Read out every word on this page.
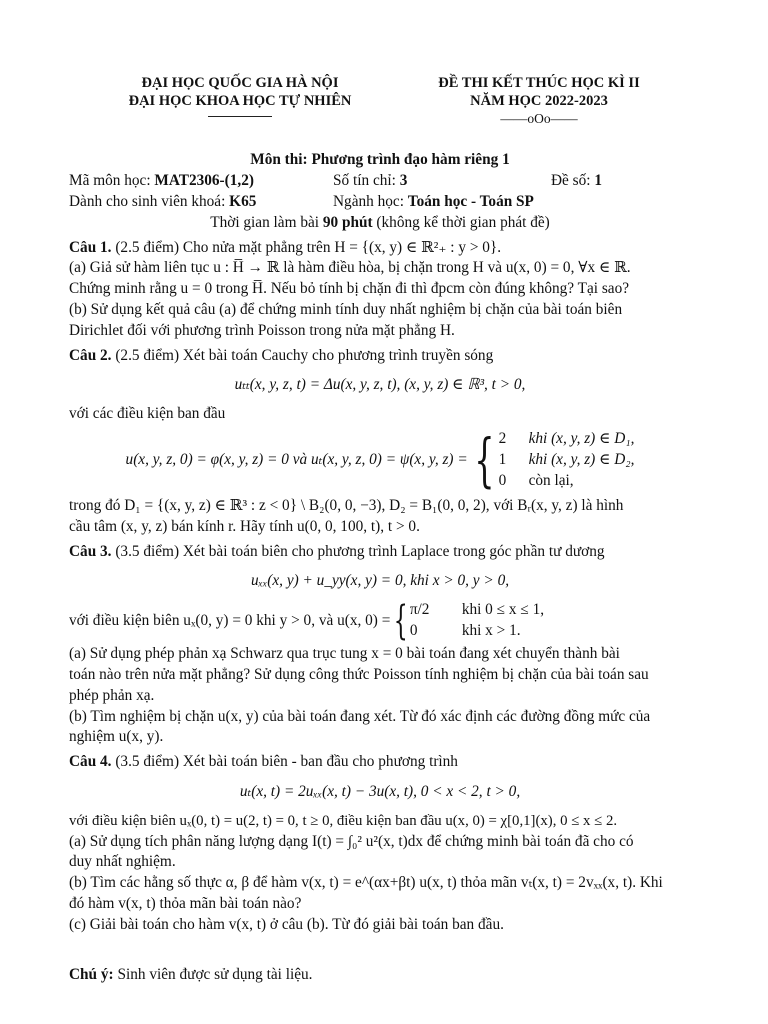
ĐẠI HỌC QUỐC GIA HÀ NỘI
ĐẠI HỌC KHOA HỌC TỰ NHIÊN
ĐỀ THI KẾT THÚC HỌC KÌ II
NĂM HỌC 2022-2023
——oOo——
Môn thi: Phương trình đạo hàm riêng 1
Mã môn học: MAT2306-(1,2)	Số tín chỉ: 3	Đề số: 1
Dành cho sinh viên khoá: K65	Ngành học: Toán học - Toán SP
Thời gian làm bài 90 phút (không kể thời gian phát đề)

Câu 1. (2.5 điểm) Cho nửa mặt phẳng trên H = {(x, y) ∈ ℝ²₊ : y > 0}.

(a) Giả sử hàm liên tục u : H̅ → ℝ là hàm điều hòa, bị chặn trong H và u(x, 0) = 0, ∀x ∈ ℝ.

Chứng minh rằng u = 0 trong H̅. Nếu bỏ tính bị chặn đi thì đpcm còn đúng không? Tại sao?

(b) Sử dụng kết quả câu (a) để chứng minh tính duy nhất nghiệm bị chặn của bài toán biên

Dirichlet đối với phương trình Poisson trong nửa mặt phẳng H.

Câu 2. (2.5 điểm) Xét bài toán Cauchy cho phương trình truyền sóng

uₜₜ(x, y, z, t) = Δu(x, y, z, t), (x, y, z) ∈ ℝ³, t > 0,

với các điều kiện ban đầu

u(x, y, z, 0) = φ(x, y, z) = 0 và uₜ(x, y, z, 0) = ψ(x, y, z) = { 2 khi (x, y, z) ∈ D₁,
1 khi (x, y, z) ∈ D₂,
0 còn lại,

trong đó D₁ = {(x, y, z) ∈ ℝ³ : z < 0} \ B₂(0, 0, −3), D₂ = B₁(0, 0, 2), với Bᵣ(x, y, z) là hình

cầu tâm (x, y, z) bán kính r. Hãy tính u(0, 0, 100, t), t > 0.

Câu 3. (3.5 điểm) Xét bài toán biên cho phương trình Laplace trong góc phần tư dương

uₓₓ(x, y) + u_yy(x, y) = 0, khi x > 0, y > 0,
với điều kiện biên uₓ(0, y) = 0 khi y > 0, và u(x, 0) = { π/2 khi 0 ≤ x ≤ 1,
0	khi x > 1.

(a) Sử dụng phép phản xạ Schwarz qua trục tung x = 0 bài toán đang xét chuyển thành bài

toán nào trên nửa mặt phẳng? Sử dụng công thức Poisson tính nghiệm bị chặn của bài toán sau

phép phản xạ.

(b) Tìm nghiệm bị chặn u(x, y) của bài toán đang xét. Từ đó xác định các đường đồng mức của

nghiệm u(x, y).

Câu 4. (3.5 điểm) Xét bài toán biên - ban đầu cho phương trình

uₜ(x, t) = 2uₓₓ(x, t) − 3u(x, t), 0 < x < 2, t > 0,

với điều kiện biên uₓ(0, t) = u(2, t) = 0, t ≥ 0, điều kiện ban đầu u(x, 0) = χ[0,1](x), 0 ≤ x ≤ 2.

(a) Sử dụng tích phân năng lượng dạng I(t) = ∫₀² u²(x, t)dx để chứng minh bài toán đã cho có

duy nhất nghiệm.

(b) Tìm các hằng số thực α, β để hàm v(x, t) = e^(αx+βt) u(x, t) thỏa mãn vₜ(x, t) = 2vₓₓ(x, t). Khi

đó hàm v(x, t) thỏa mãn bài toán nào?

(c) Giải bài toán cho hàm v(x, t) ở câu (b). Từ đó giải bài toán ban đầu.

Chú ý: Sinh viên được sử dụng tài liệu.
